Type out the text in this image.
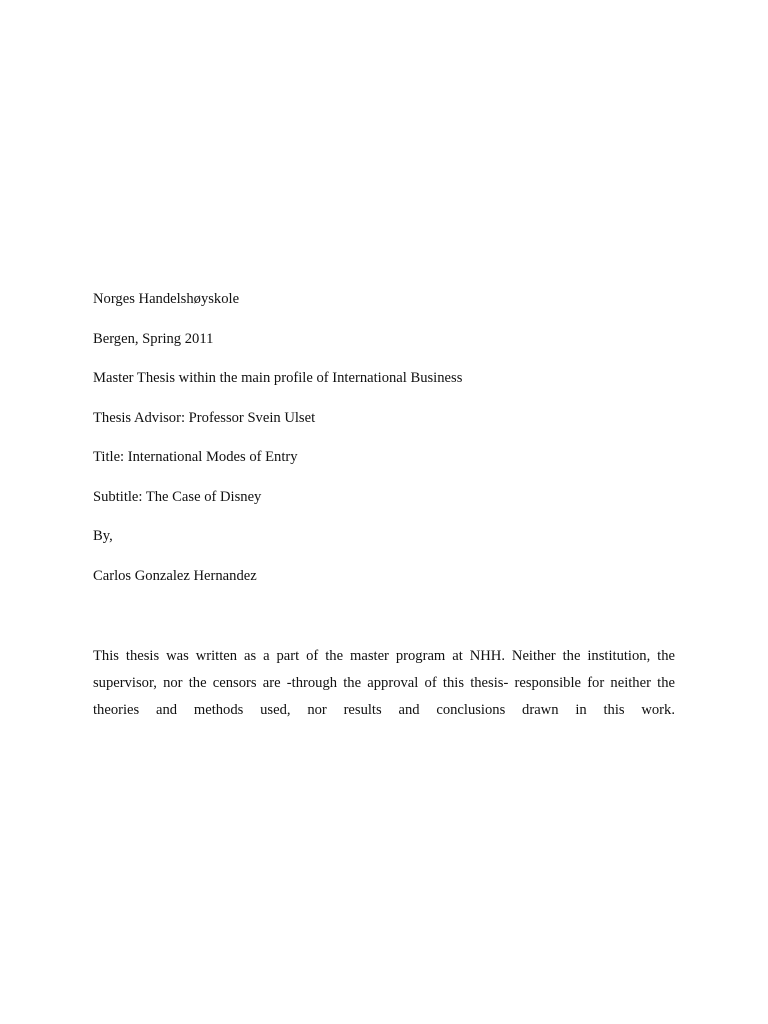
Norges Handelshøyskole
Bergen, Spring 2011
Master Thesis within the main profile of International Business
Thesis Advisor: Professor Svein Ulset
Title: International Modes of Entry
Subtitle: The Case of Disney
By,
Carlos Gonzalez Hernandez
This thesis was written as a part of the master program at NHH. Neither the institution, the
supervisor, nor the censors are -through the approval of this thesis- responsible for neither the
theories and methods used, nor results and conclusions drawn in this work.
